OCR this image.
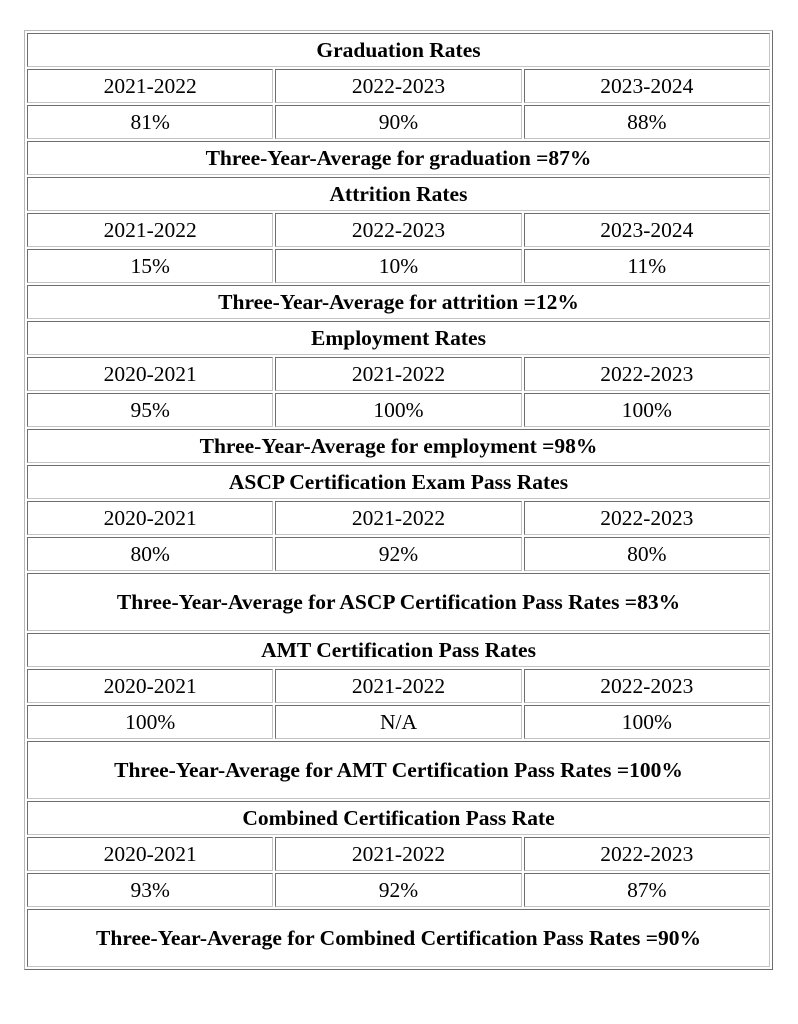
Graduation Rates		
2021-2022	2022-2023	2023-2024
81%	90%	88%
Three-Year-Average for graduation =87%		
Attrition Rates		
2021-2022	2022-2023	2023-2024
15%	10%	11%
Three-Year-Average for attrition =12%		
Employment Rates		
2020-2021	2021-2022	2022-2023
95%	100%	100%
Three-Year-Average for employment =98%		
ASCP Certification Exam Pass Rates		
2020-2021	2021-2022	2022-2023
80%	92%	80%
Three-Year-Average for ASCP Certification Pass Rates =83%		
AMT Certification Pass Rates		
2020-2021	2021-2022	2022-2023
100%	N/A	100%
Three-Year-Average for AMT Certification Pass Rates =100%		
Combined Certification Pass Rate		
2020-2021	2021-2022	2022-2023
93%	92%	87%
Three-Year-Average for Combined Certification Pass Rates =90%		
